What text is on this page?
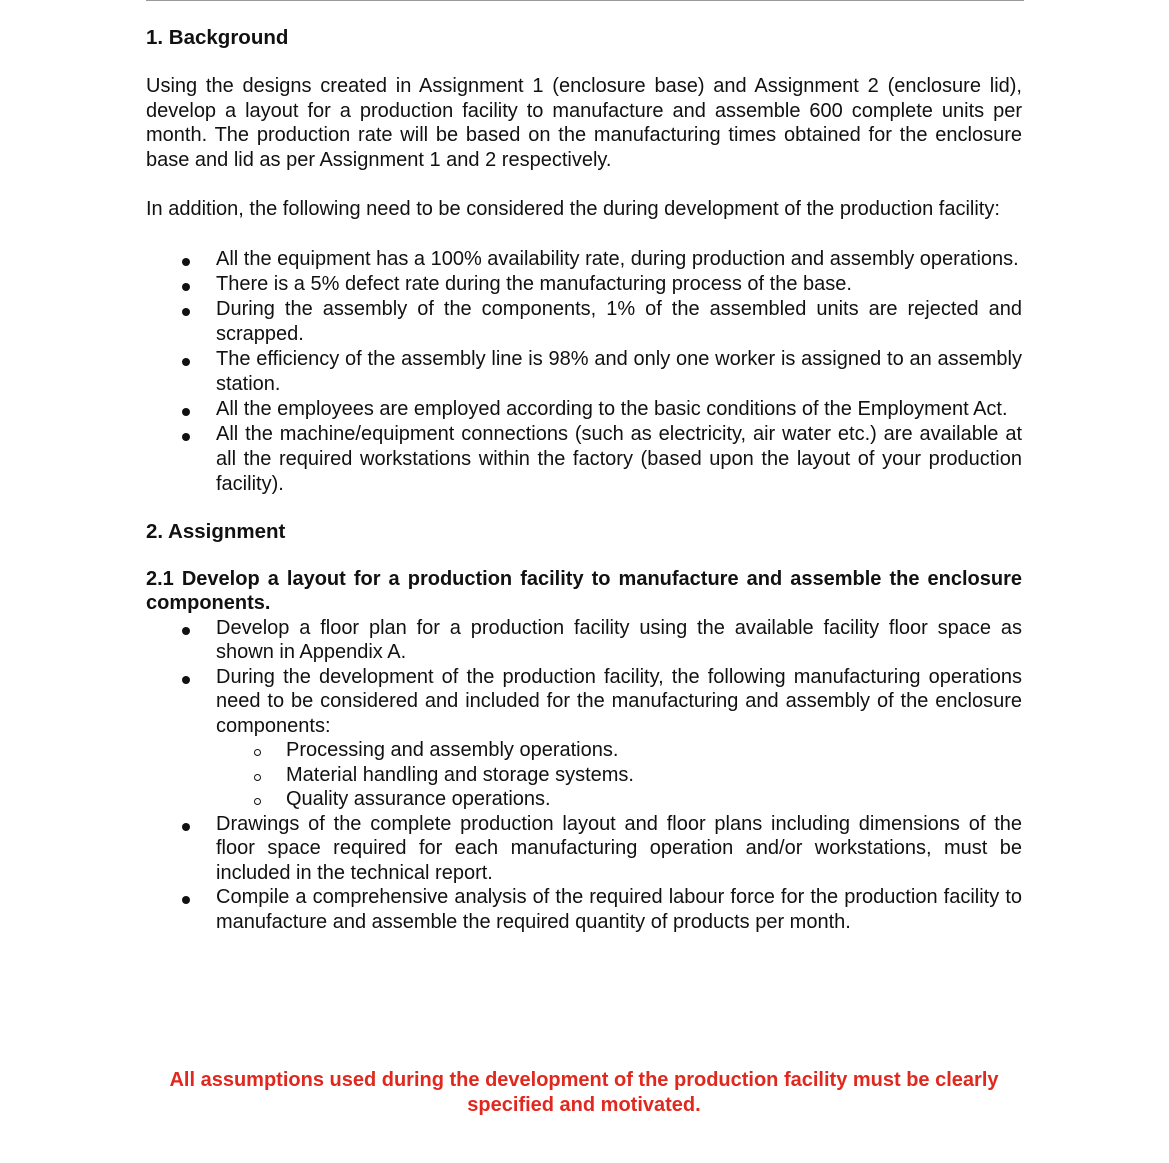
1. Background

Using the designs created in Assignment 1 (enclosure base) and Assignment 2 (enclosure lid), develop a layout for a production facility to manufacture and assemble 600 complete units per month. The production rate will be based on the manufacturing times obtained for the enclosure base and lid as per Assignment 1 and 2 respectively.

In addition, the following need to be considered the during development of the production facility:

All the equipment has a 100% availability rate, during production and assembly operations.
There is a 5% defect rate during the manufacturing process of the base.
During the assembly of the components, 1% of the assembled units are rejected and scrapped.
The efficiency of the assembly line is 98% and only one worker is assigned to an assembly station.
All the employees are employed according to the basic conditions of the Employment Act.
All the machine/equipment connections (such as electricity, air water etc.) are available at all the required workstations within the factory (based upon the layout of your production facility).
2. Assignment

2.1 Develop a layout for a production facility to manufacture and assemble the enclosure components.

Develop a floor plan for a production facility using the available facility floor space as shown in Appendix A.
During the development of the production facility, the following manufacturing operations need to be considered and included for the manufacturing and assembly of the enclosure components:
Processing and assembly operations.
Material handling and storage systems.
Quality assurance operations.
Drawings of the complete production layout and floor plans including dimensions of the floor space required for each manufacturing operation and/or workstations, must be included in the technical report.
Compile a comprehensive analysis of the required labour force for the production facility to manufacture and assemble the required quantity of products per month.

All assumptions used during the development of the production facility must be clearly specified and motivated.
